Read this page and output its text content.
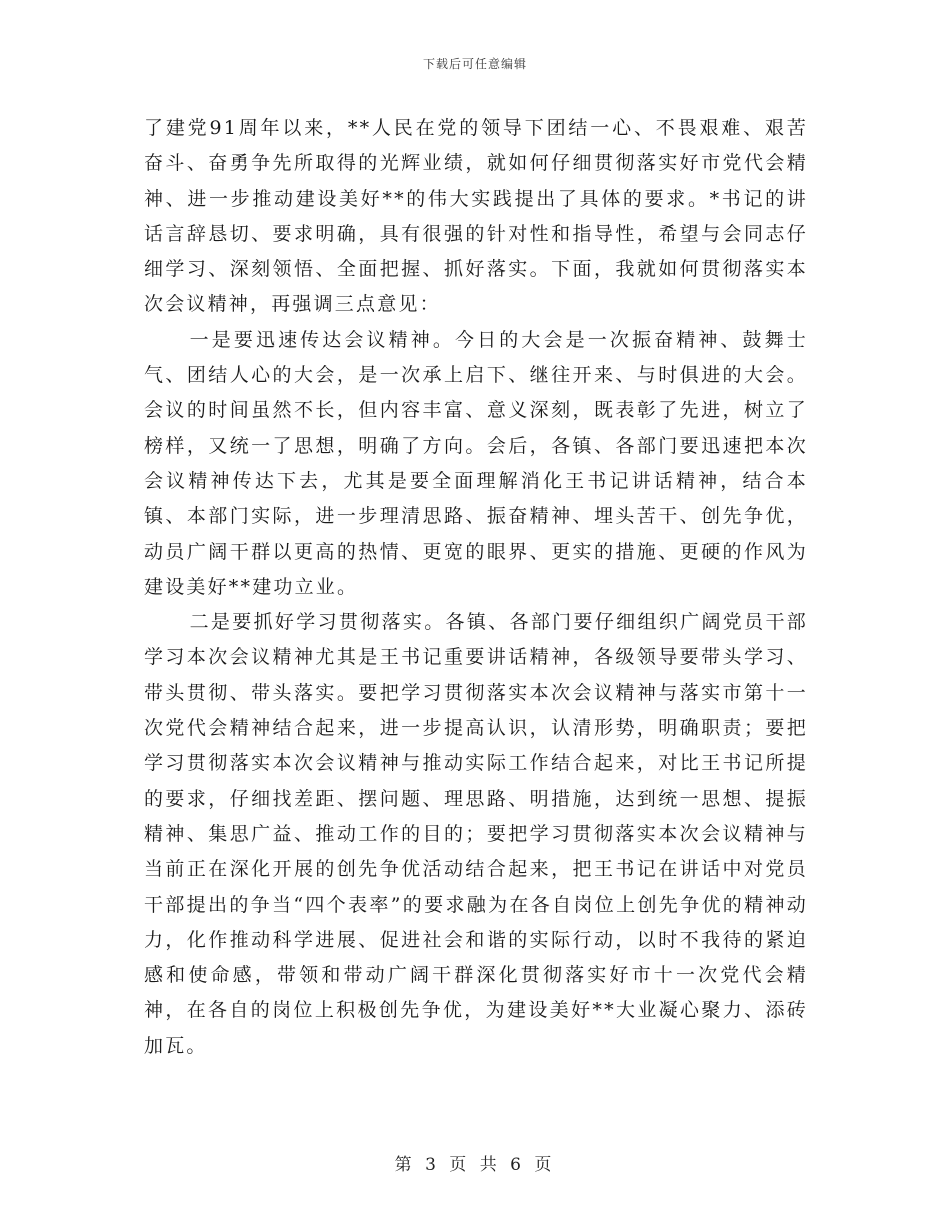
下载后可任意编辑

了建党91周年以来，**人民在党的领导下团结一心、不畏艰难、艰苦奋斗、奋勇争先所取得的光辉业绩，就如何仔细贯彻落实好市党代会精神、进一步推动建设美好**的伟大实践提出了具体的要求。*书记的讲话言辞恳切、要求明确，具有很强的针对性和指导性，希望与会同志仔细学习、深刻领悟、全面把握、抓好落实。下面，我就如何贯彻落实本次会议精神，再强调三点意见：

一是要迅速传达会议精神。今日的大会是一次振奋精神、鼓舞士气、团结人心的大会，是一次承上启下、继往开来、与时俱进的大会。会议的时间虽然不长，但内容丰富、意义深刻，既表彰了先进，树立了榜样，又统一了思想，明确了方向。会后，各镇、各部门要迅速把本次会议精神传达下去，尤其是要全面理解消化王书记讲话精神，结合本镇、本部门实际，进一步理清思路、振奋精神、埋头苦干、创先争优，动员广阔干群以更高的热情、更宽的眼界、更实的措施、更硬的作风为建设美好**建功立业。

二是要抓好学习贯彻落实。各镇、各部门要仔细组织广阔党员干部学习本次会议精神尤其是王书记重要讲话精神，各级领导要带头学习、带头贯彻、带头落实。要把学习贯彻落实本次会议精神与落实市第十一次党代会精神结合起来，进一步提高认识，认清形势，明确职责；要把学习贯彻落实本次会议精神与推动实际工作结合起来，对比王书记所提的要求，仔细找差距、摆问题、理思路、明措施，达到统一思想、提振精神、集思广益、推动工作的目的；要把学习贯彻落实本次会议精神与当前正在深化开展的创先争优活动结合起来，把王书记在讲话中对党员干部提出的争当“四个表率”的要求融为在各自岗位上创先争优的精神动力，化作推动科学进展、促进社会和谐的实际行动，以时不我待的紧迫感和使命感，带领和带动广阔干群深化贯彻落实好市十一次党代会精神，在各自的岗位上积极创先争优，为建设美好**大业凝心聚力、添砖加瓦。

第 3 页 共 6 页
